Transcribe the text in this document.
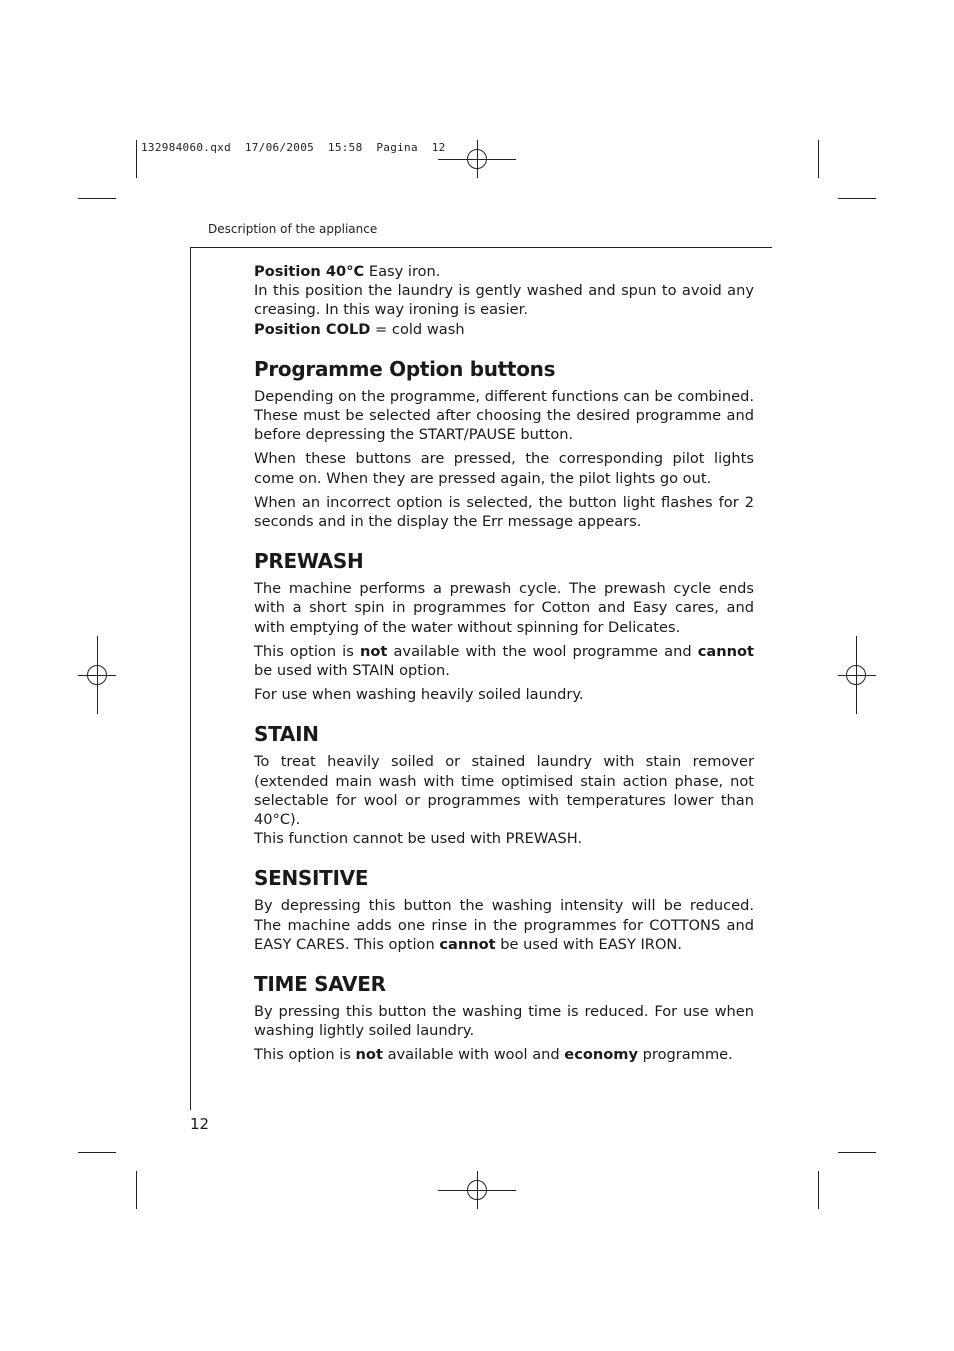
132984060.qxd  17/06/2005  15:58  Pagina  12
Description of the appliance

Position 40°C Easy iron.

In this position the laundry is gently washed and spun to avoid any creasing. In this way ironing is easier.

Position COLD = cold wash

Programme Option buttons

Depending on the programme, different functions can be combined. These must be selected after choosing the desired programme and before depressing the START/PAUSE button.

When these buttons are pressed, the corresponding pilot lights come on. When they are pressed again, the pilot lights go out.

When an incorrect option is selected, the button light flashes for 2 seconds and in the display the Err message appears.

PREWASH

The machine performs a prewash cycle. The prewash cycle ends with a short spin in programmes for Cotton and Easy cares, and with emptying of the water without spinning for Delicates.

This option is not available with the wool programme and cannot be used with STAIN option.

For use when washing heavily soiled laundry.

STAIN

To treat heavily soiled or stained laundry with stain remover (extended main wash with time optimised stain action phase, not selectable for wool or programmes with temperatures lower than 40°C).

This function cannot be used with PREWASH.

SENSITIVE

By depressing this button the washing intensity will be reduced. The machine adds one rinse in the programmes for COTTONS and EASY CARES. This option cannot be used with EASY IRON.

TIME SAVER

By pressing this button the washing time is reduced. For use when washing lightly soiled laundry.

This option is not available with wool and economy programme.

12
